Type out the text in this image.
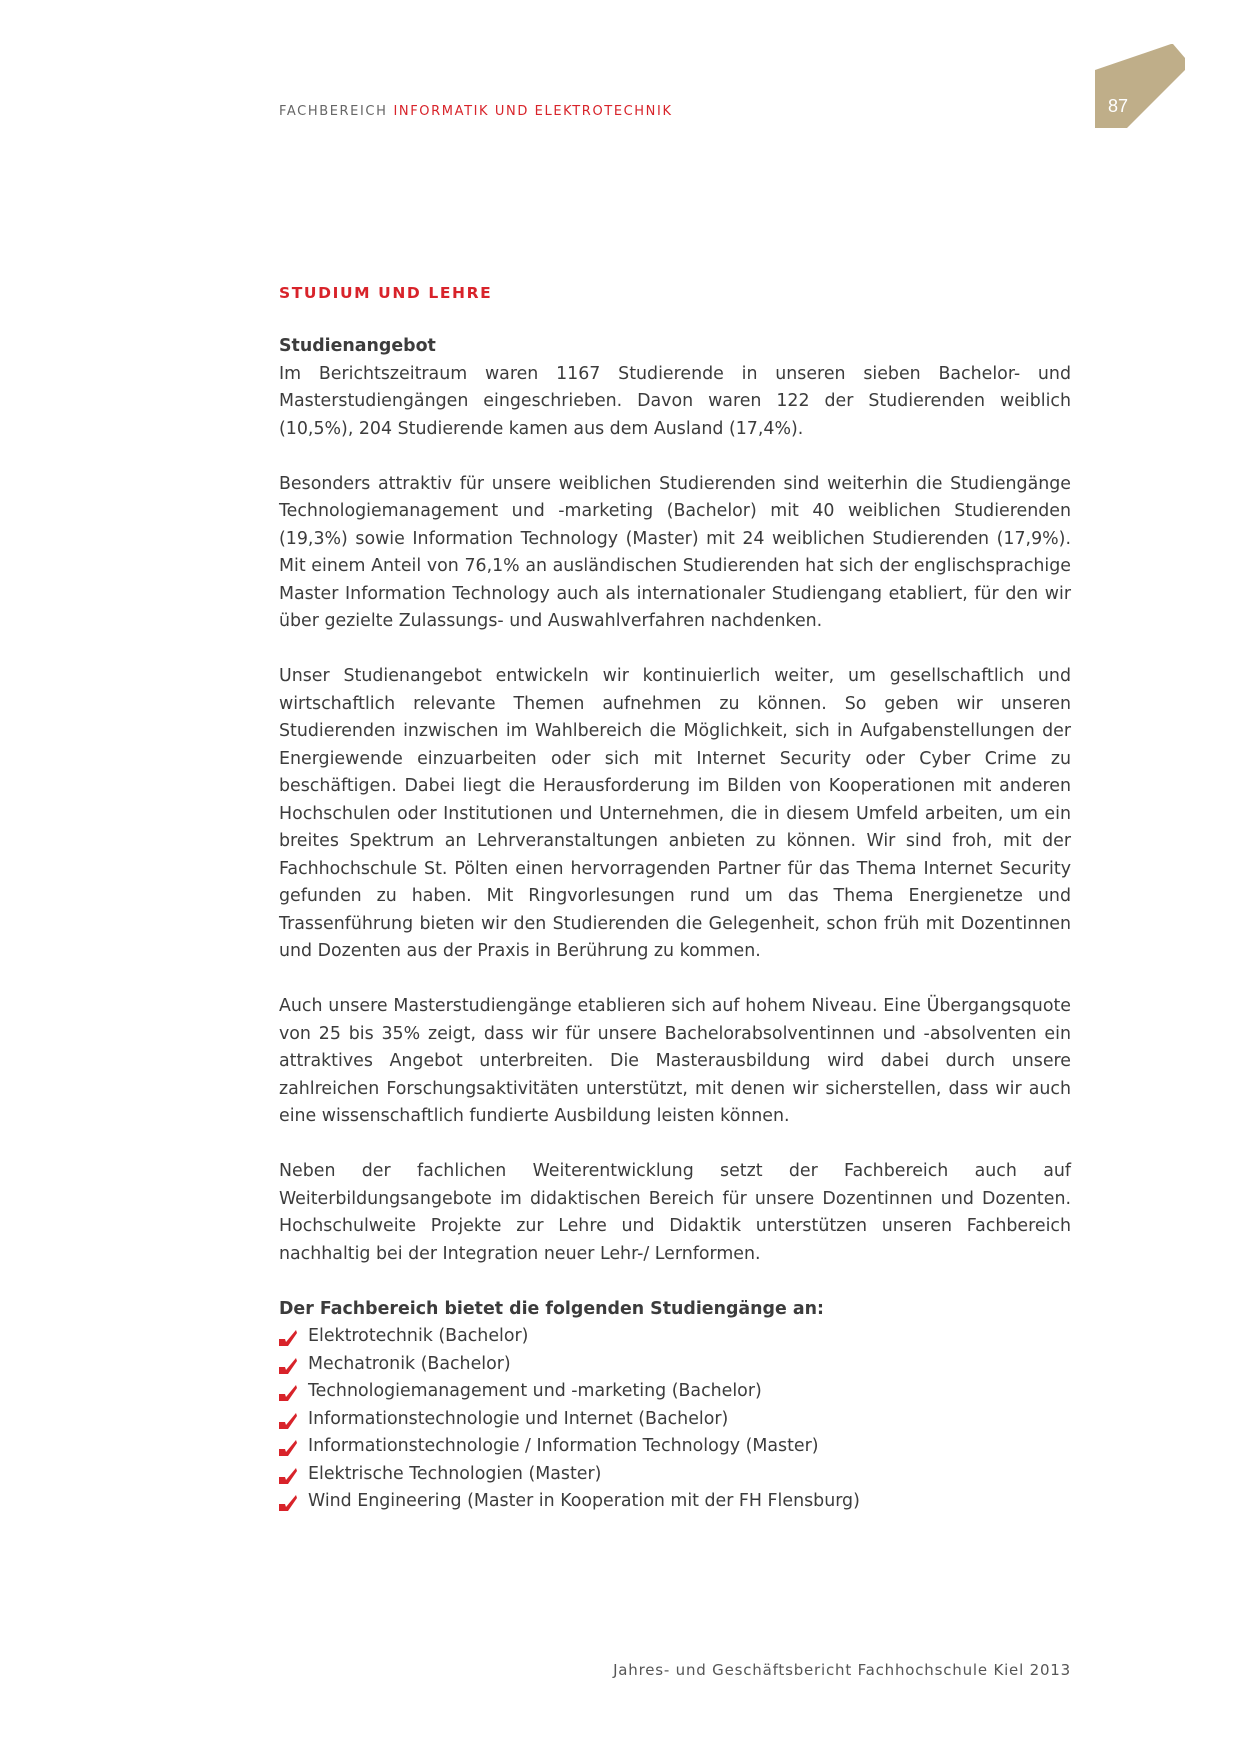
FACHBEREICH INFORMATIK UND ELEKTROTECHNIK	87
STUDIUM UND LEHRE
Studienangebot

Im Berichtszeitraum waren 1167 Studierende in unseren sieben Bachelor- und Masterstudiengängen eingeschrieben. Davon waren 122 der Studierenden weiblich (10,5%), 204 Studierende kamen aus dem Ausland (17,4%).

Besonders attraktiv für unsere weiblichen Studierenden sind weiterhin die Studiengänge Technologiemanagement und -marketing (Bachelor) mit 40 weiblichen Studierenden (19,3%) sowie Information Technology (Master) mit 24 weiblichen Studierenden (17,9%). Mit einem Anteil von 76,1% an ausländischen Studierenden hat sich der englischsprachige Master Information Technology auch als internationaler Studiengang etabliert, für den wir über gezielte Zulassungs- und Auswahlverfahren nachdenken.

Unser Studienangebot entwickeln wir kontinuierlich weiter, um gesellschaftlich und wirtschaftlich relevante Themen aufnehmen zu können. So geben wir unseren Studierenden inzwischen im Wahlbereich die Möglichkeit, sich in Aufgabenstellungen der Energiewende einzuarbeiten oder sich mit Internet Security oder Cyber Crime zu beschäftigen. Dabei liegt die Herausforderung im Bilden von Kooperationen mit anderen Hochschulen oder Institutionen und Unternehmen, die in diesem Umfeld arbeiten, um ein breites Spektrum an Lehrveranstaltungen anbieten zu können. Wir sind froh, mit der Fachhochschule St. Pölten einen hervorragenden Partner für das Thema Internet Security gefunden zu haben. Mit Ringvorlesungen rund um das Thema Energienetze und Trassenführung bieten wir den Studierenden die Gelegenheit, schon früh mit Dozentinnen und Dozenten aus der Praxis in Berührung zu kommen.

Auch unsere Masterstudiengänge etablieren sich auf hohem Niveau. Eine Übergangsquote von 25 bis 35% zeigt, dass wir für unsere Bachelorabsolventinnen und -absolventen ein attraktives Angebot unterbreiten. Die Masterausbildung wird dabei durch unsere zahlreichen Forschungsaktivitäten unterstützt, mit denen wir sicherstellen, dass wir auch eine wissenschaftlich fundierte Ausbildung leisten können.

Neben der fachlichen Weiterentwicklung setzt der Fachbereich auch auf Weiterbildungsangebote im didaktischen Bereich für unsere Dozentinnen und Dozenten. Hochschulweite Projekte zur Lehre und Didaktik unterstützen unseren Fachbereich nachhaltig bei der Integration neuer Lehr-/ Lernformen.

Der Fachbereich bietet die folgenden Studiengänge an:
Elektrotechnik (Bachelor)
Mechatronik (Bachelor)
Technologiemanagement und -marketing (Bachelor)
Informationstechnologie und Internet (Bachelor)
Informationstechnologie / Information Technology (Master)
Elektrische Technologien (Master)
Wind Engineering (Master in Kooperation mit der FH Flensburg)
Jahres- und Geschäftsbericht Fachhochschule Kiel 2013
